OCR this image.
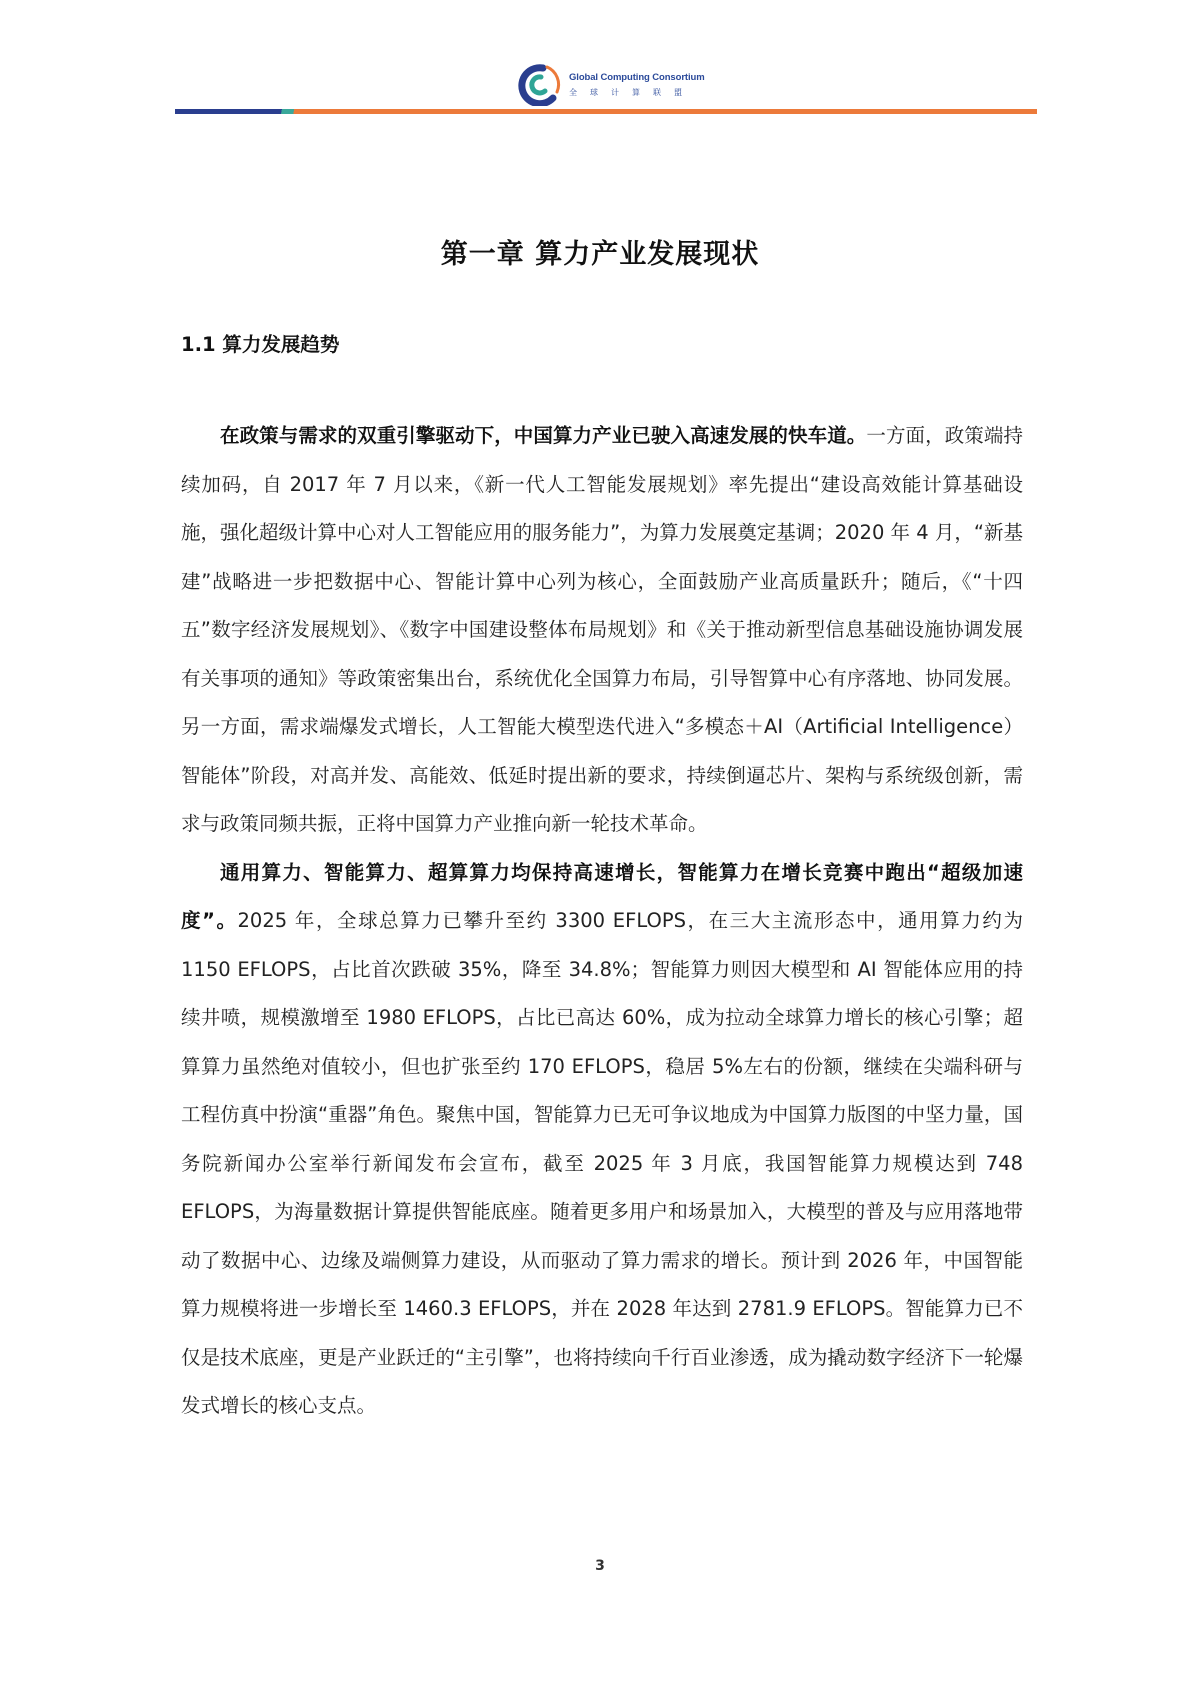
Global Computing Consortium
全球计算联盟
第一章 算力产业发展现状
1.1 算力发展趋势

在政策与需求的双重引擎驱动下，中国算力产业已驶入高速发展的快车道。一方面，政策端持续加码，自 2017 年 7 月以来，《新一代人工智能发展规划》率先提出“建设高效能计算基础设施，强化超级计算中心对人工智能应用的服务能力”，为算力发展奠定基调；2020 年 4 月，“新基建”战略进一步把数据中心、智能计算中心列为核心，全面鼓励产业高质量跃升；随后，《“十四五”数字经济发展规划》、《数字中国建设整体布局规划》和《关于推动新型信息基础设施协调发展有关事项的通知》等政策密集出台，系统优化全国算力布局，引导智算中心有序落地、协同发展。另一方面，需求端爆发式增长，人工智能大模型迭代进入“多模态＋AI（Artificial Intelligence）智能体”阶段，对高并发、高能效、低延时提出新的要求，持续倒逼芯片、架构与系统级创新，需求与政策同频共振，正将中国算力产业推向新一轮技术革命。

通用算力、智能算力、超算算力均保持高速增长，智能算力在增长竞赛中跑出“超级加速度”。2025 年，全球总算力已攀升至约 3300 EFLOPS，在三大主流形态中，通用算力约为 1150 EFLOPS，占比首次跌破 35%，降至 34.8%；智能算力则因大模型和 AI 智能体应用的持续井喷，规模激增至 1980 EFLOPS，占比已高达 60%，成为拉动全球算力增长的核心引擎；超算算力虽然绝对值较小，但也扩张至约 170 EFLOPS，稳居 5%左右的份额，继续在尖端科研与工程仿真中扮演“重器”角色。聚焦中国，智能算力已无可争议地成为中国算力版图的中坚力量，国务院新闻办公室举行新闻发布会宣布，截至 2025 年 3 月底，我国智能算力规模达到 748 EFLOPS，为海量数据计算提供智能底座。随着更多用户和场景加入，大模型的普及与应用落地带动了数据中心、边缘及端侧算力建设，从而驱动了算力需求的增长。预计到 2026 年，中国智能算力规模将进一步增长至 1460.3 EFLOPS，并在 2028 年达到 2781.9 EFLOPS。智能算力已不仅是技术底座，更是产业跃迁的“主引擎”，也将持续向千行百业渗透，成为撬动数字经济下一轮爆发式增长的核心支点。

3
